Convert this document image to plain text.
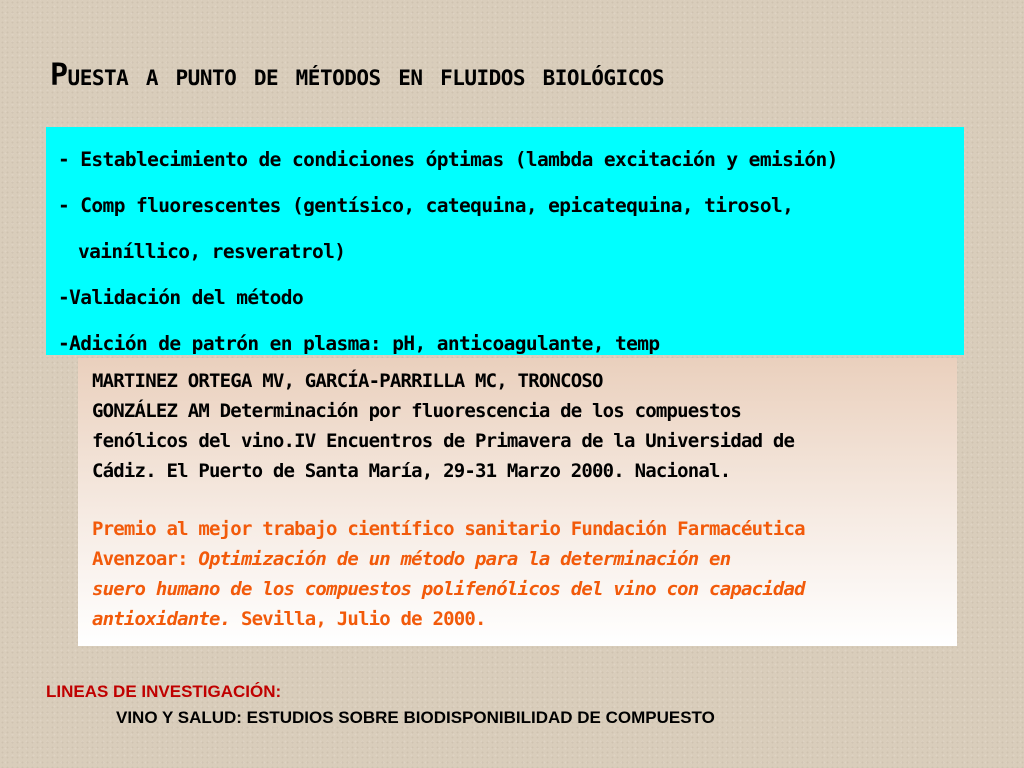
Puesta a punto de métodos en fluidos biológicos
- Establecimiento de condiciones óptimas (lambda excitación y emisión)
- Comp fluorescentes (gentísico, catequina, epicatequina, tirosol,
vainíllico, resveratrol)
-Validación del método
-Adición de patrón en plasma: pH, anticoagulante, temp
MARTINEZ ORTEGA MV, GARCÍA-PARRILLA MC, TRONCOSO
GONZÁLEZ AM Determinación por fluorescencia de los compuestos
fenólicos del vino.IV Encuentros de Primavera de la Universidad de
Cádiz. El Puerto de Santa María, 29-31 Marzo 2000. Nacional.
Premio al mejor trabajo científico sanitario Fundación Farmacéutica
Avenzoar: Optimización de un método para la determinación en
suero humano de los compuestos polifenólicos del vino con capacidad
antioxidante. Sevilla, Julio de 2000.

LINEAS DE INVESTIGACIÓN:

VINO Y SALUD: ESTUDIOS SOBRE BIODISPONIBILIDAD DE COMPUESTO
